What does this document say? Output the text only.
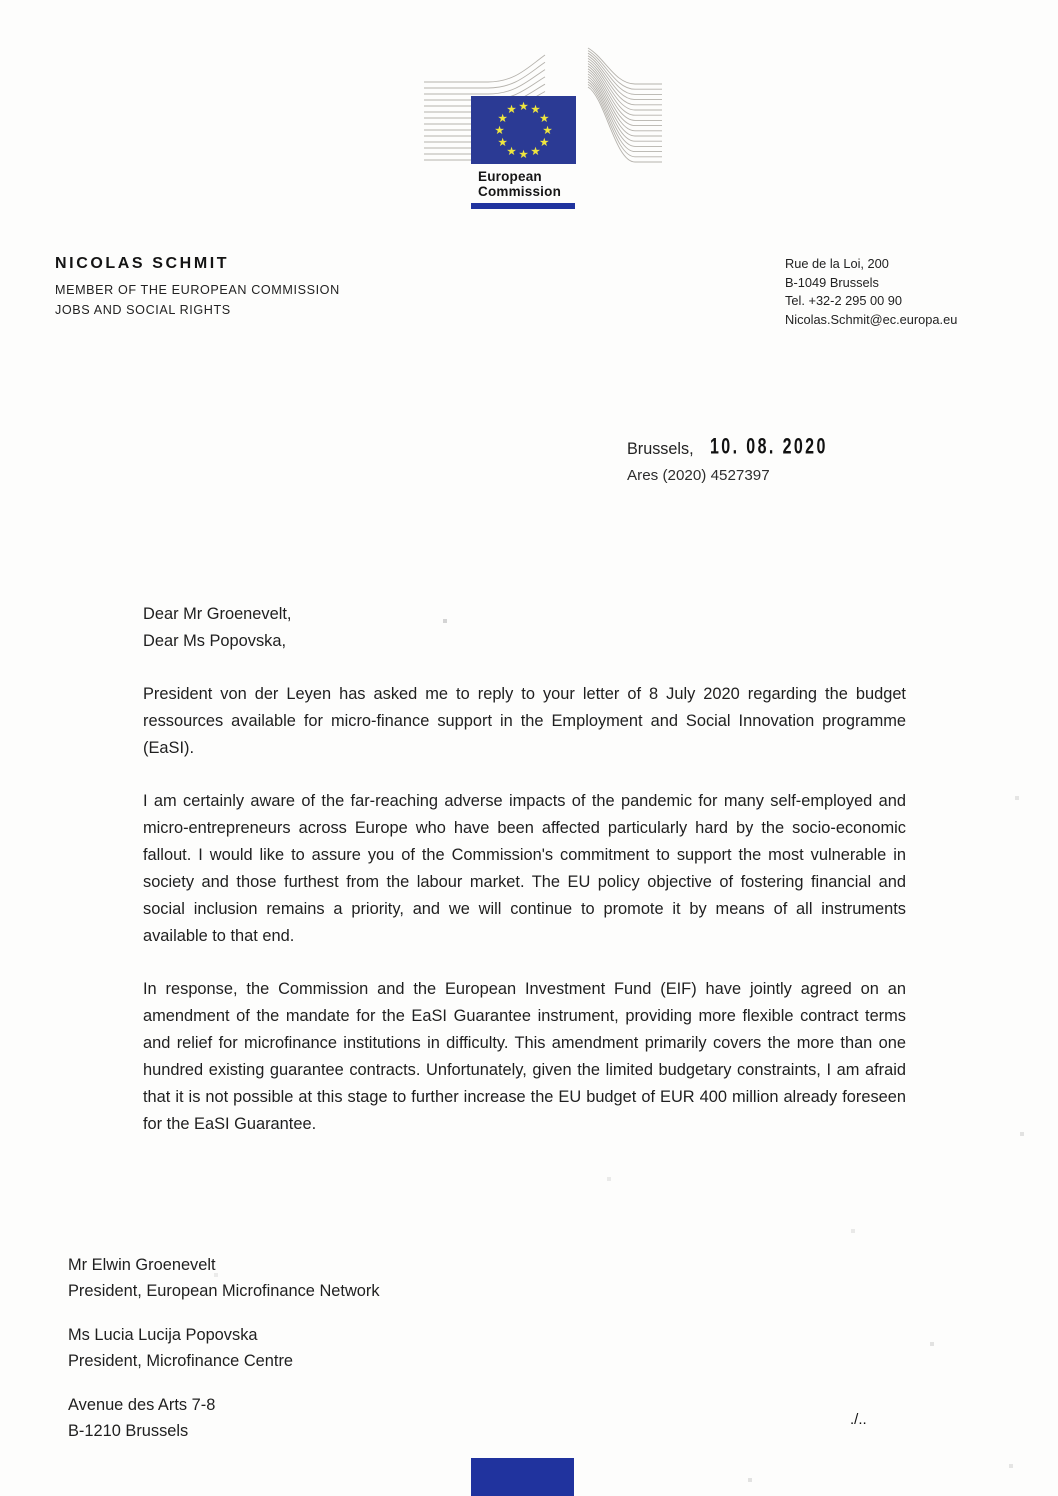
★ ★
★
★
★
★
★
★
★
★
★
★
European
Commission
NICOLAS SCHMIT
MEMBER OF THE EUROPEAN COMMISSION
JOBS AND SOCIAL RIGHTS
Rue de la Loi, 200
B-1049 Brussels
Tel. +32-2 295 00 90
Nicolas.Schmit@ec.europa.eu
Brussels, 10. 08. 2020
Ares (2020) 4527397

Dear Mr Groenevelt,
Dear Ms Popovska,

President von der Leyen has asked me to reply to your letter of 8 July 2020 regarding the budget ressources available for micro-finance support in the Employment and Social Innovation programme (EaSI).

I am certainly aware of the far-reaching adverse impacts of the pandemic for many self-employed and micro-entrepreneurs across Europe who have been affected particularly hard by the socio-economic fallout. I would like to assure you of the Commission's commitment to support the most vulnerable in society and those furthest from the labour market. The EU policy objective of fostering financial and social inclusion remains a priority, and we will continue to promote it by means of all instruments available to that end.

In response, the Commission and the European Investment Fund (EIF) have jointly agreed on an amendment of the mandate for the EaSI Guarantee instrument, providing more flexible contract terms and relief for microfinance institutions in difficulty. This amendment primarily covers the more than one hundred existing guarantee contracts. Unfortunately, given the limited budgetary constraints, I am afraid that it is not possible at this stage to further increase the EU budget of EUR 400 million already foreseen for the EaSI Guarantee.

Mr Elwin Groenevelt
President, European Microfinance Network
Ms Lucia Lucija Popovska
President, Microfinance Centre
Avenue des Arts 7-8
B-1210 Brussels
./..
